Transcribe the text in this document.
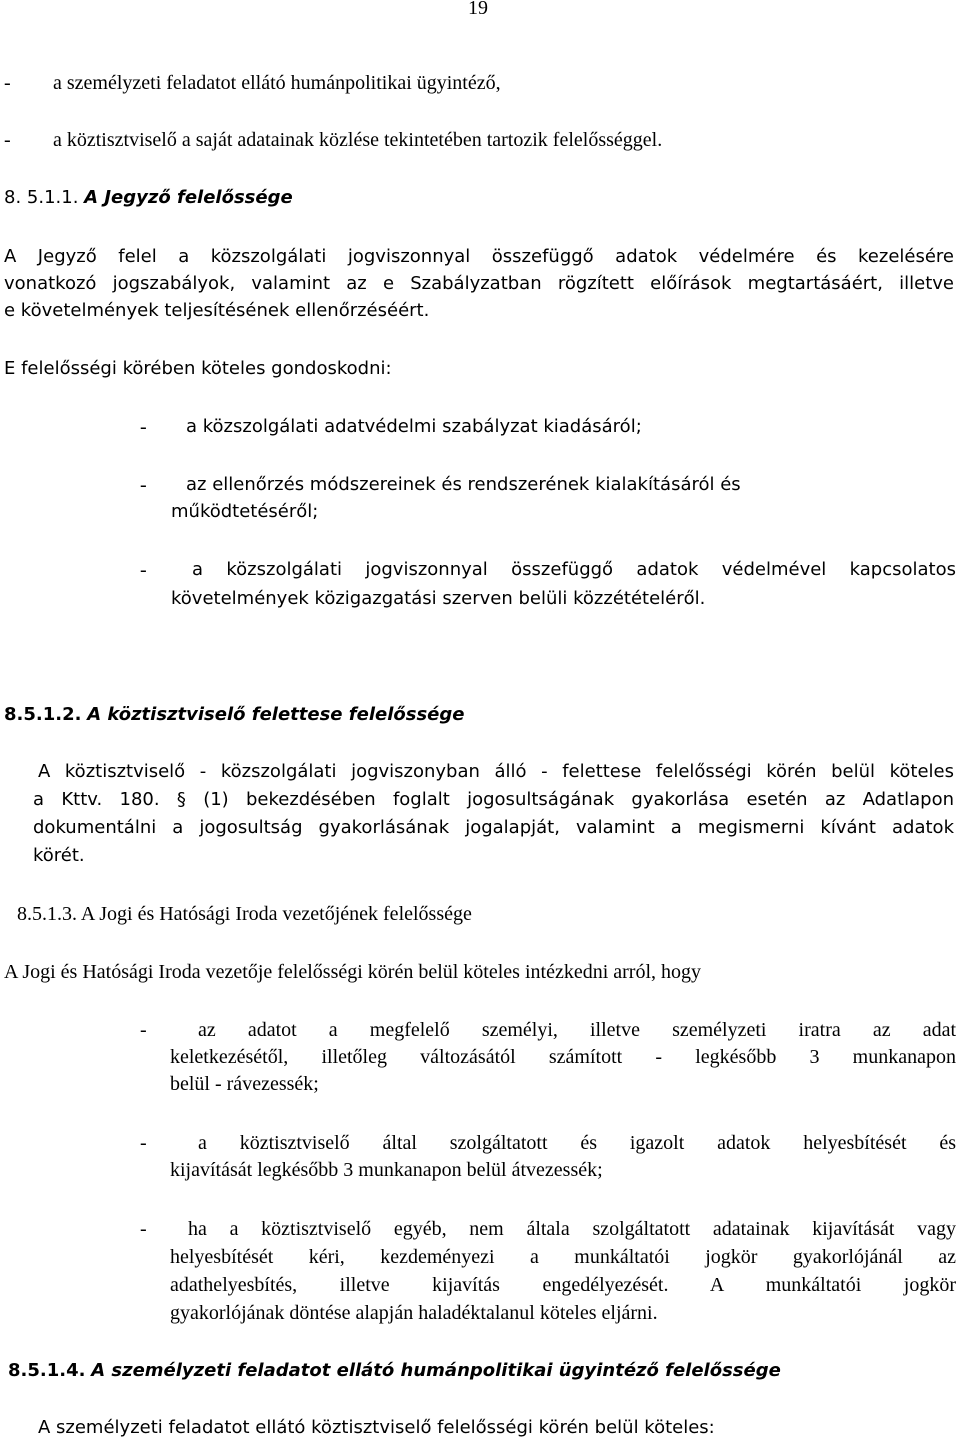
19
- a személyzeti feladatot ellátó humánpolitikai ügyintéző,
- a köztisztviselő a saját adatainak közlése tekintetében tartozik felelősséggel.
8. 5.1.1. A Jegyző felelőssége
A Jegyző felel a közszolgálati jogviszonnyal összefüggő adatok védelmére és kezelésére
vonatkozó jogszabályok, valamint az e Szabályzatban rögzített előírások megtartásáért, illetve
e követelmények teljesítésének ellenőrzéséért.
E felelősségi körében köteles gondoskodni:
- a közszolgálati adatvédelmi szabályzat kiadásáról;
- az ellenőrzés módszereinek és rendszerének kialakításáról és
működtetéséről;
-	a közszolgálati jogviszonnyal összefüggő adatok védelmével kapcsolatos
követelmények közigazgatási szerven belüli közzétételéről.
8.5.1.2. A köztisztviselő felettese felelőssége
A köztisztviselő - közszolgálati jogviszonyban álló - felettese felelősségi körén belül köteles
a Kttv. 180. § (1) bekezdésében foglalt jogosultságának gyakorlása esetén az Adatlapon
dokumentálni a jogosultság gyakorlásának jogalapját, valamint a megismerni kívánt adatok
körét.
8.5.1.3. A Jogi és Hatósági Iroda vezetőjének felelőssége
A Jogi és Hatósági Iroda vezetője felelősségi körén belül köteles intézkedni arról, hogy
-	az adatot a megfelelő személyi, illetve személyzeti iratra az adat
keletkezésétől, illetőleg változásától számított - legkésőbb 3 munkanapon
belül - rávezessék;
-	a köztisztviselő által szolgáltatott és igazolt adatok helyesbítését és
kijavítását legkésőbb 3 munkanapon belül átvezessék;
- ha a köztisztviselő egyéb, nem általa szolgáltatott adatainak kijavítását vagy
helyesbítését kéri, kezdeményezi a munkáltatói jogkör gyakorlójánál az
adathelyesbítés, illetve kijavítás engedélyezését. A munkáltatói jogkör
gyakorlójának döntése alapján haladéktalanul köteles eljárni.
8.5.1.4. A személyzeti feladatot ellátó humánpolitikai ügyintéző felelőssége
A személyzeti feladatot ellátó köztisztviselő felelősségi körén belül köteles:
